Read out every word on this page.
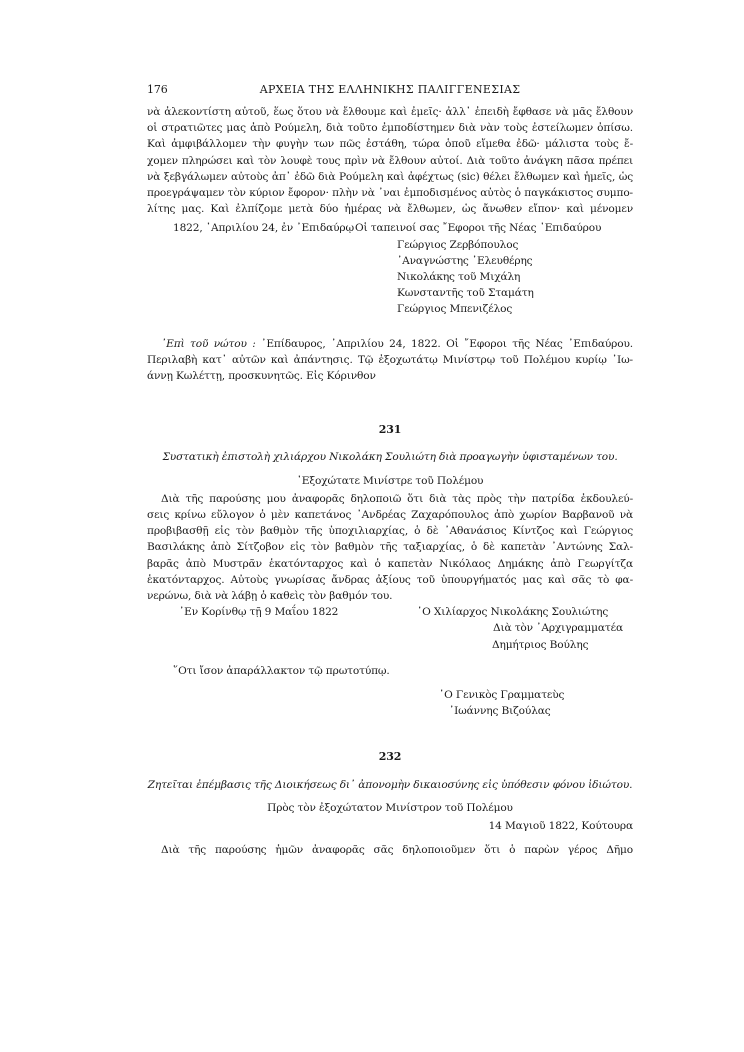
176	ΑΡΧΕΙΑ ΤΗΣ ΕΛΛΗΝΙΚΗΣ ΠΑΛΙΓΓΕΝΕΣΙΑΣ

νὰ ἀλεκοντίστη αὐτοῦ, ἕως ὅτου νὰ ἔλθουμε καὶ ἐμεῖς· ἀλλ᾽ ἐπειδὴ ἔφθασε νὰ μᾶς ἔλθουν
οἱ στρατιῶτες μας ἀπὸ Ρούμελη, διὰ τοῦτο ἐμποδίστημεν διὰ νὰν τοὺς ἐστείλωμεν ὀπίσω.
Καὶ ἀμφιβάλλομεν τὴν φυγὴν των πῶς ἐστάθη, τώρα ὁποῦ εἴμεθα ἐδῶ· μάλιστα τοὺς ἔ-
χομεν πληρώσει καὶ τὸν λουφὲ τους πρὶν νὰ ἔλθουν αὐτοί. Διὰ τοῦτο ἀνάγκη πᾶσα πρέπει
νὰ ξεβγάλωμεν αὐτοὺς ἀπ᾽ ἐδῶ διὰ Ρούμελη καὶ ἀφέχτως (sic) θέλει ἔλθωμεν καὶ ἡμεῖς, ὡς
προεγράψαμεν τὸν κύριον ἔφορον· πλὴν νὰ ᾽ναι ἐμποδισμένος αὐτὸς ὁ παγκάκιστος συμπο-
λίτης μας. Καὶ ἐλπίζομε μετὰ δύο ἡμέρας νὰ ἔλθωμεν, ὡς ἄνωθεν εἴπον· καὶ μένομεν

1822, ᾽Απριλίου 24, ἐν ᾽Επιδαύρῳ Οἱ ταπεινοί σας ῎Εφοροι τῆς Νέας ᾽Επιδαύρου
Γεώργιος Ζερβόπουλος
᾽Αναγνώστης ᾽Ελευθέρης
Νικολάκης τοῦ Μιχάλη
Κωνσταντῆς τοῦ Σταμάτη
Γεώργιος Μπενιζέλος

᾽Επὶ τοῦ νώτου : ᾽Επίδαυρος, ᾽Απριλίου 24, 1822. Οἱ ῎Εφοροι τῆς Νέας ᾽Επιδαύρου.

Περιλαβὴ κατ᾽ αὐτῶν καὶ ἀπάντησις. Τῷ ἐξοχωτάτῳ Μινίστρῳ τοῦ Πολέμου κυρίῳ ᾽Ιω-

άννῃ Κωλέττῃ, προσκυνητῶς. Εἰς Κόρινθον

231
Συστατικὴ ἐπιστολὴ χιλιάρχου Νικολάκη Σουλιώτη διὰ προαγωγὴν ὑφισταμένων του.
᾽Εξοχώτατε Μινίστρε τοῦ Πολέμου

Διὰ τῆς παρούσης μου ἀναφορᾶς δηλοποιῶ ὅτι διὰ τὰς πρὸς τὴν πατρίδα ἐκδουλεύ-
σεις κρίνω εὔλογον ὁ μὲν καπετάνος ᾽Ανδρέας Ζαχαρόπουλος ἀπὸ χωρίον Βαρβανοῦ νὰ
προβιβασθῇ εἰς τὸν βαθμὸν τῆς ὑποχιλιαρχίας, ὁ δὲ ᾽Αθανάσιος Κίντζος καὶ Γεώργιος
Βασιλάκης ἀπὸ Σίτζοβον εἰς τὸν βαθμὸν τῆς ταξιαρχίας, ὁ δὲ καπετὰν ᾽Αντώνης Σαλ-
βαρᾶς ἀπὸ Μυστρᾶν ἑκατόνταρχος καὶ ὁ καπετὰν Νικόλαος Δημάκης ἀπὸ Γεωργίτζα
ἑκατόνταρχος. Αὐτοὺς γνωρίσας ἄνδρας ἀξίους τοῦ ὑπουργήματός μας καὶ σᾶς τὸ φα-
νερώνω, διὰ νὰ λάβῃ ὁ καθεὶς τὸν βαθμόν του.

᾽Εν Κορίνθῳ τῇ 9 Μαΐου 1822	῾Ο Χιλίαρχος Νικολάκης Σουλιώτης
Διὰ τὸν ᾽Αρχιγραμματέα
Δημήτριος Βούλης
῞Οτι ἴσον ἀπαράλλακτον τῷ πρωτοτύπῳ.
῾Ο Γενικὸς Γραμματεὺς
᾽Ιωάννης Βιζούλας
232
Ζητεῖται ἐπέμβασις τῆς Διοικήσεως δι᾽ ἀπονομὴν δικαιοσύνης εἰς ὑπόθεσιν φόνου ἰδιώτου.
Πρὸς τὸν ἐξοχώτατον Μινίστρον τοῦ Πολέμου
14 Μαγιοῦ 1822, Κούτουρα

Διὰ τῆς παρούσης ἡμῶν ἀναφορᾶς σᾶς δηλοποιοῦμεν ὅτι ὁ παρὼν γέρος Δῆμο
